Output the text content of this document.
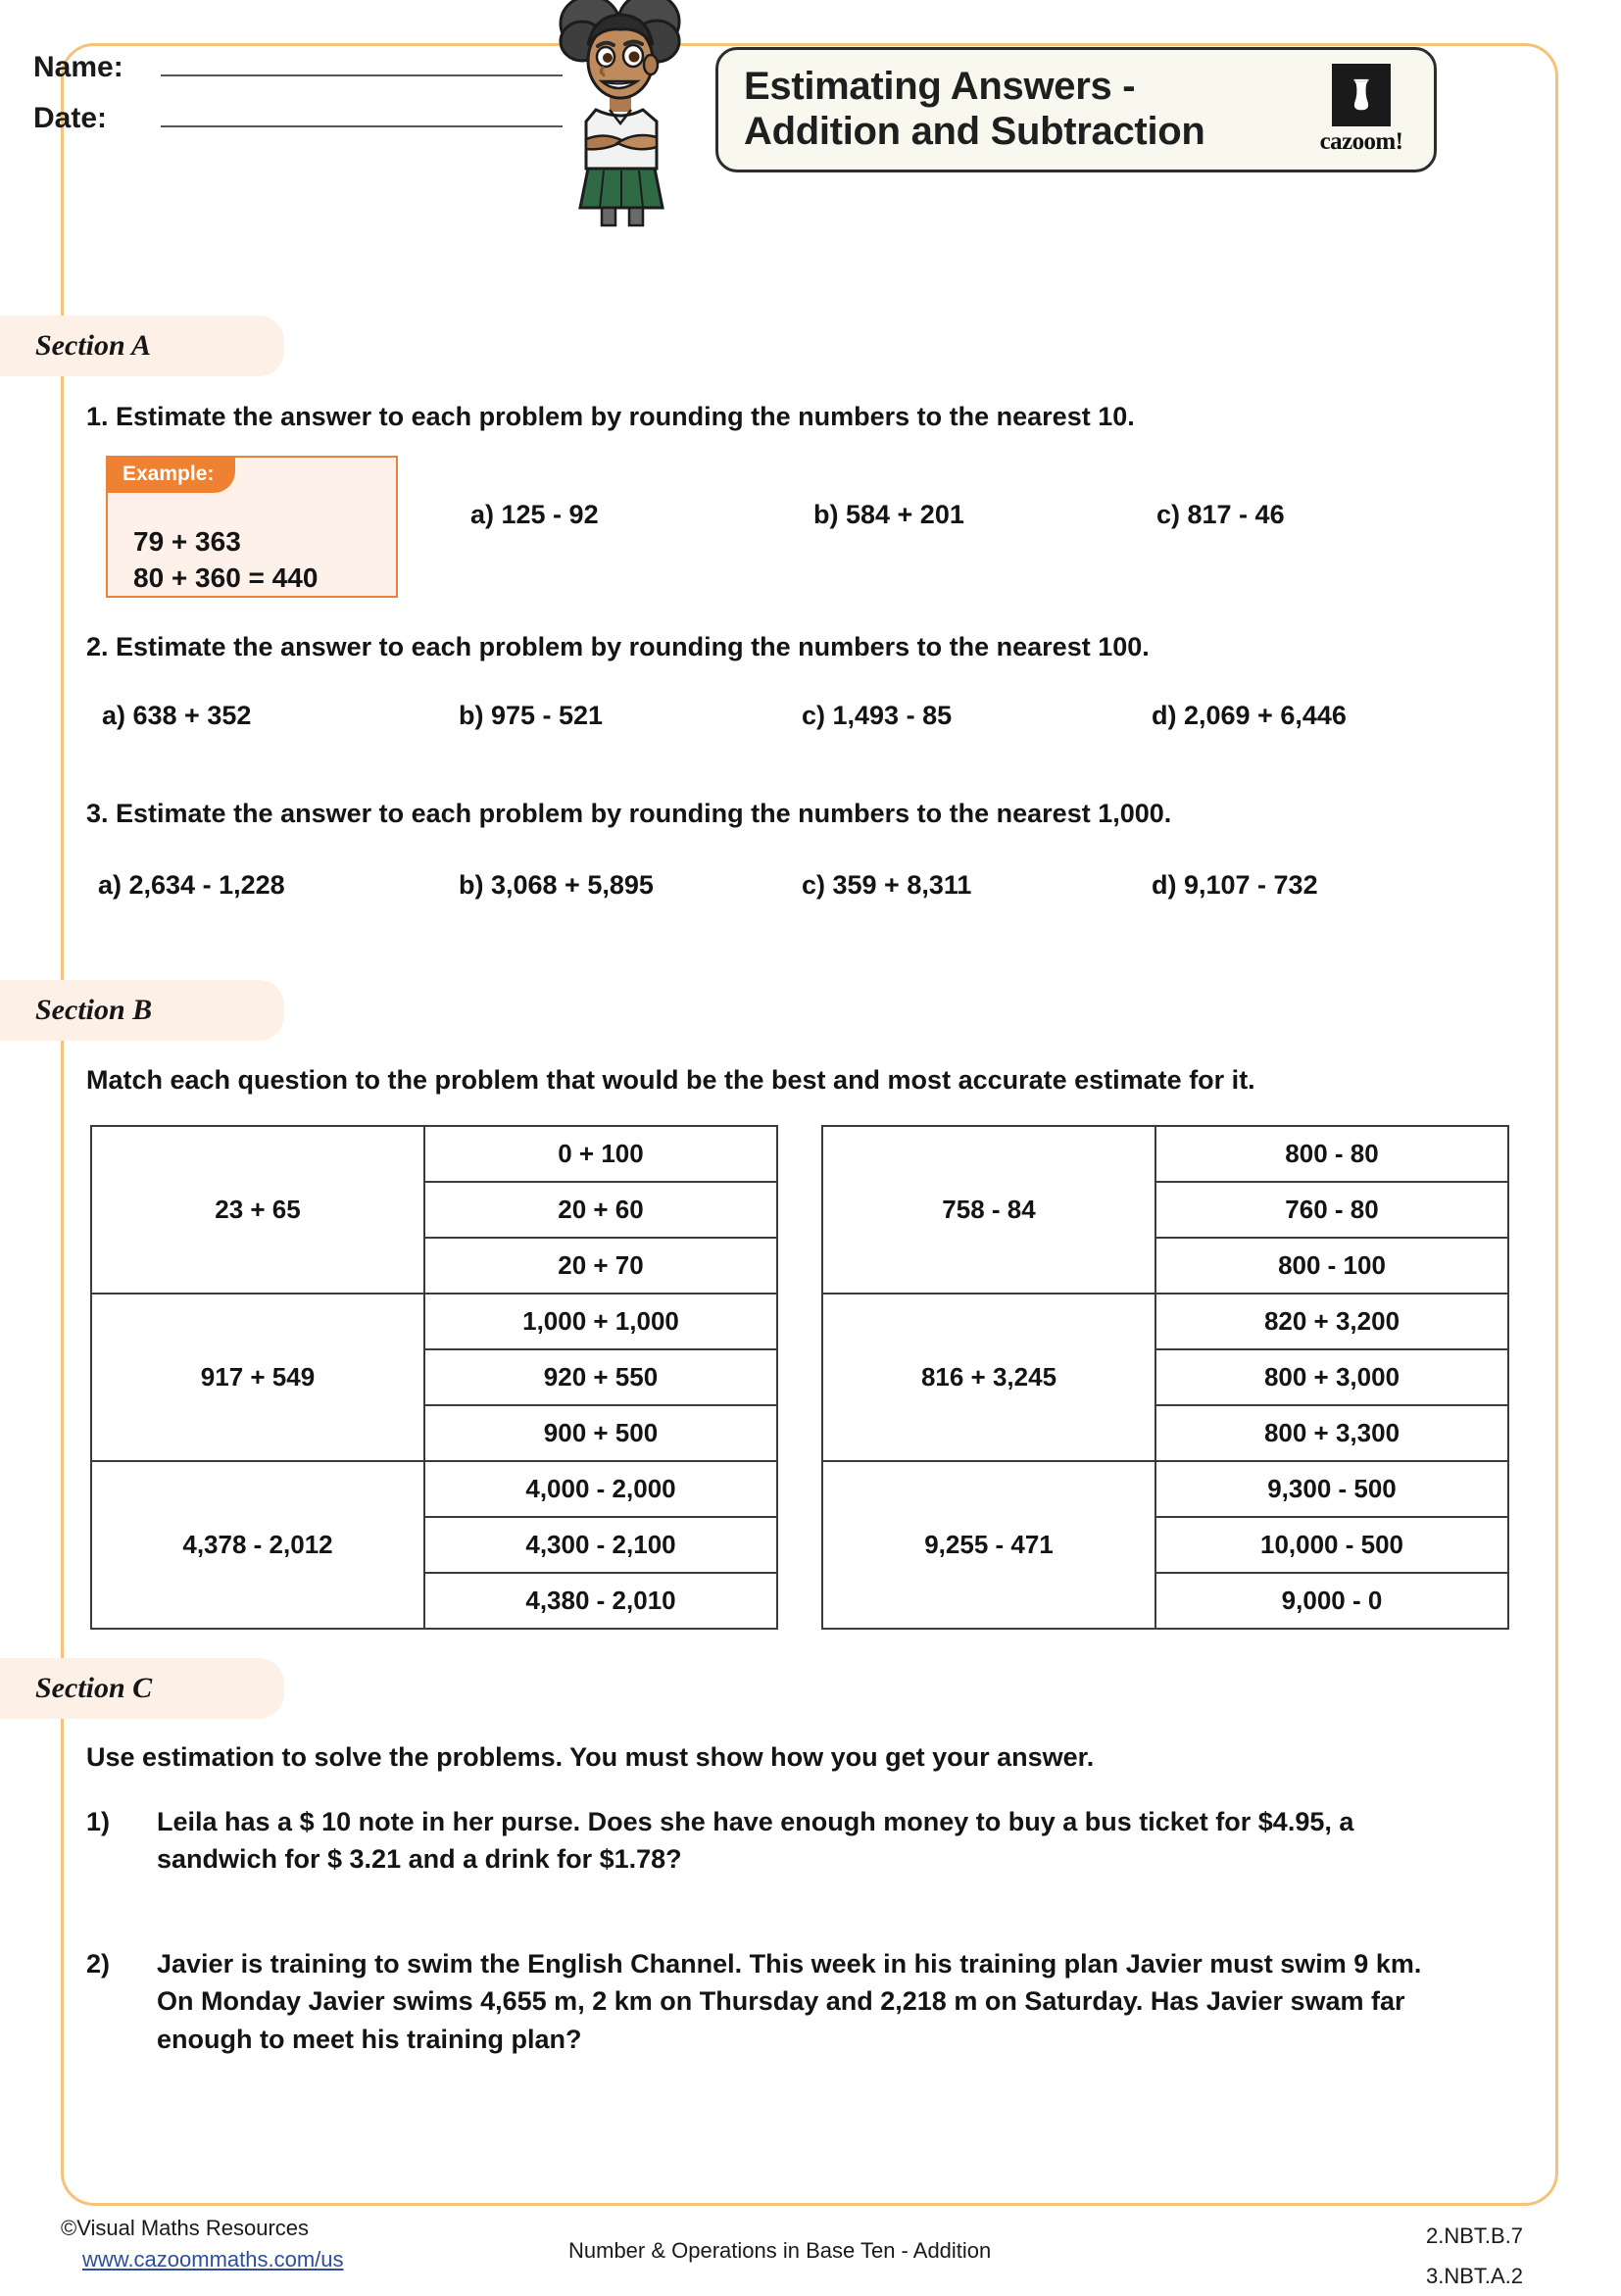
Name:
Date:
Estimating Answers -
Addition and Subtraction	cazoom!
Section A
1. Estimate the answer to each problem by rounding the numbers to the nearest 10.
Example:
79 + 363
80 + 360 = 440
a) 125 - 92	b) 584 + 201	c) 817 - 46
2. Estimate the answer to each problem by rounding the numbers to the nearest 100.
a) 638 + 352	b) 975 - 521	c) 1,493 - 85	d) 2,069 + 6,446
3. Estimate the answer to each problem by rounding the numbers to the nearest 1,000.
a) 2,634 - 1,228	b) 3,068 + 5,895	c) 359 + 8,311	d) 9,107 - 732
Section B
Match each question to the problem that would be the best and most accurate estimate for it.
23 + 65	0 + 100
	20 + 60
	20 + 70
917 + 549	1,000 + 1,000
	920 + 550
	900 + 500
4,378 - 2,012	4,000 - 2,000
	4,300 - 2,100
	4,380 - 2,010
758 - 84	800 - 80
	760 - 80
	800 - 100
816 + 3,245	820 + 3,200
	800 + 3,000
	800 + 3,300
9,255 - 471	9,300 - 500
	10,000 - 500
	9,000 - 0
Section C
Use estimation to solve the problems. You must show how you get your answer.
1)	Leila has a $ 10 note in her purse. Does she have enough money to buy a bus ticket for $4.95, a sandwich for $ 3.21 and a drink for $1.78?
2)	Javier is training to swim the English Channel. This week in his training plan Javier must swim 9 km. On Monday Javier swims 4,655 m, 2 km on Thursday and 2,218 m on Saturday. Has Javier swam far enough to meet his training plan?
©Visual Maths Resources
www.cazoommaths.com/us	Number & Operations in Base Ten - Addition
2.NBT.B.7
3.NBT.A.2
